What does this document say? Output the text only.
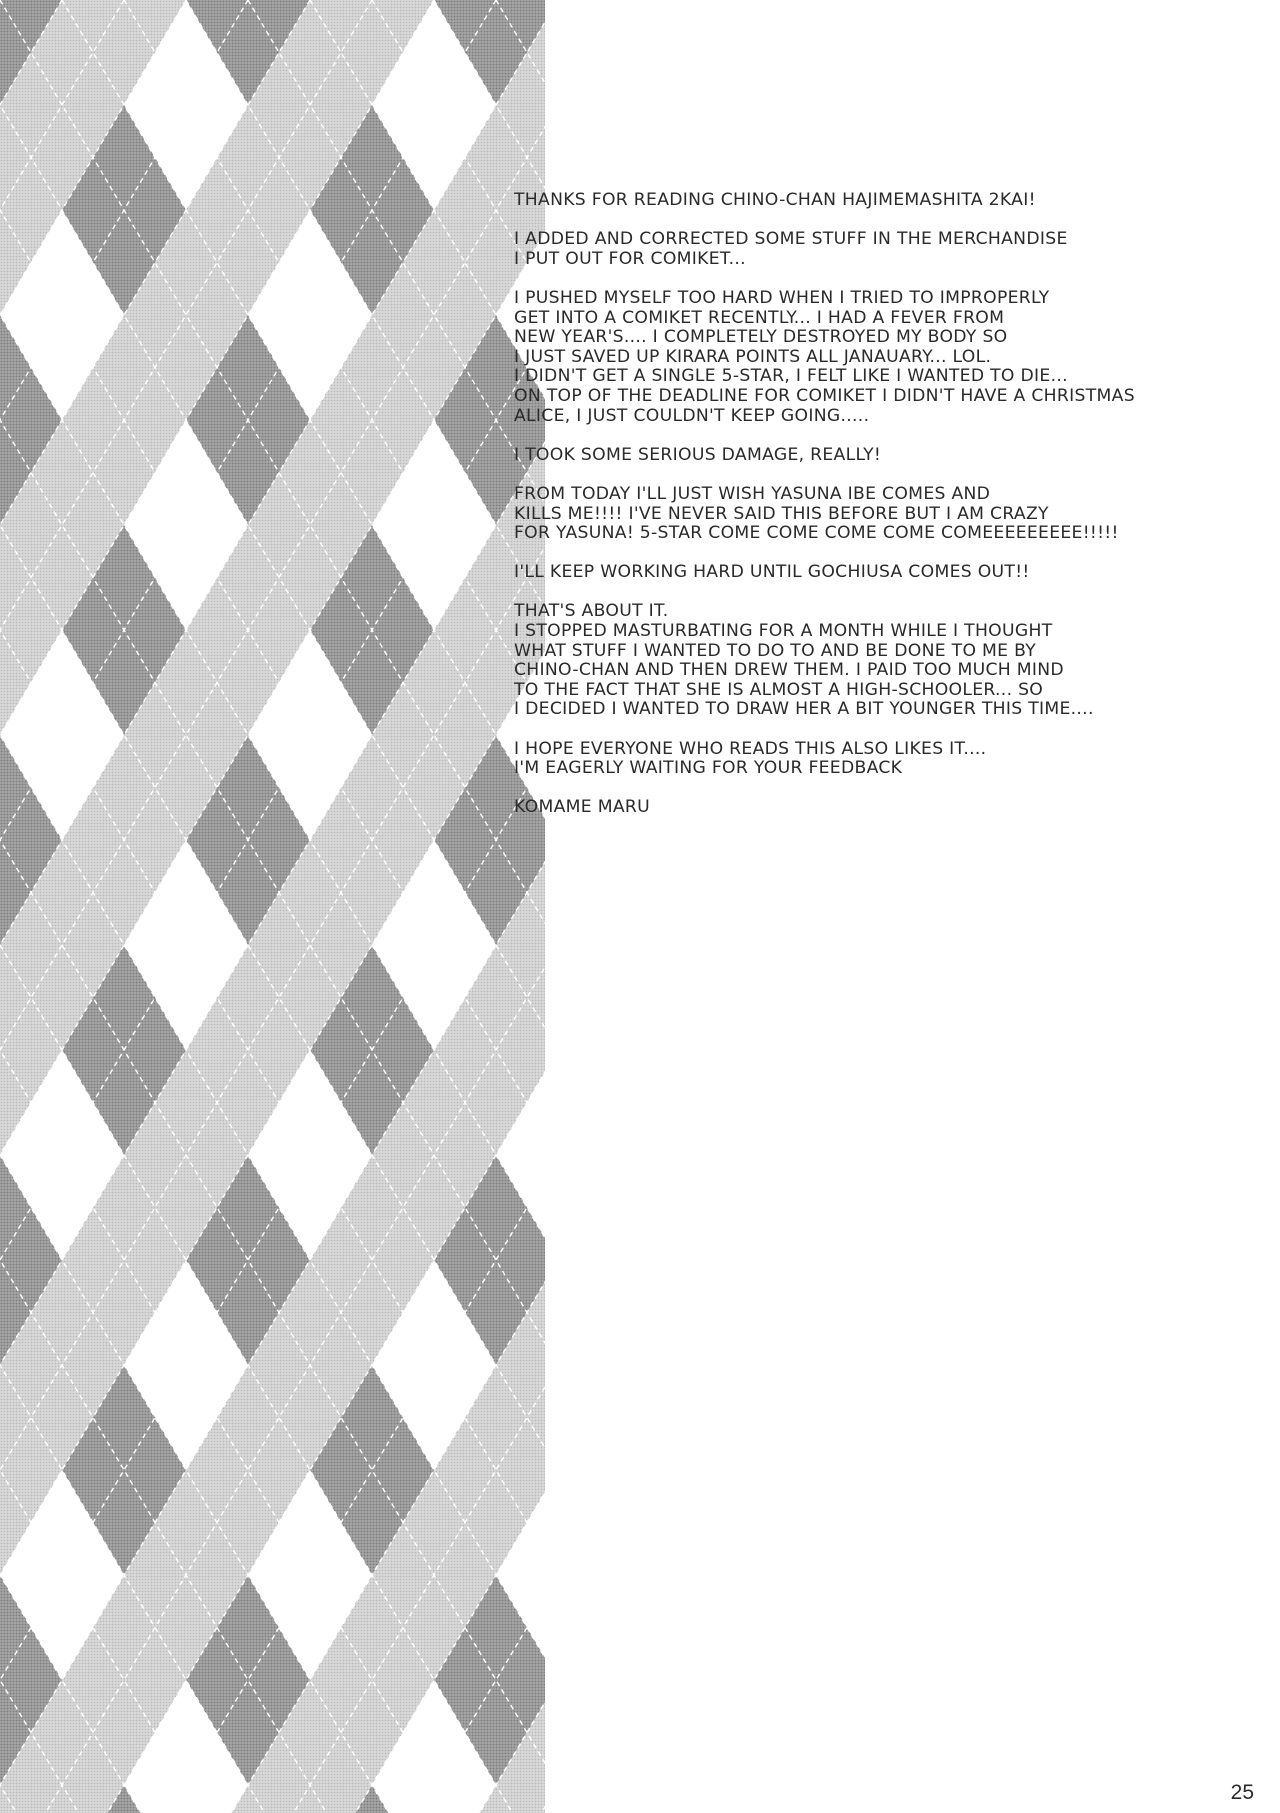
THANKS FOR READING CHINO-CHAN HAJIMEMASHITA 2KAI!
I ADDED AND CORRECTED SOME STUFF IN THE MERCHANDISE
I PUT OUT FOR COMIKET...
I PUSHED MYSELF TOO HARD WHEN I TRIED TO IMPROPERLY
GET INTO A COMIKET RECENTLY... I HAD A FEVER FROM
NEW YEAR'S.... I COMPLETELY DESTROYED MY BODY SO
I JUST SAVED UP KIRARA POINTS ALL JANAUARY... LOL.
I DIDN'T GET A SINGLE 5-STAR, I FELT LIKE I WANTED TO DIE...
ON TOP OF THE DEADLINE FOR COMIKET I DIDN'T HAVE A CHRISTMAS
ALICE, I JUST COULDN'T KEEP GOING.....
I TOOK SOME SERIOUS DAMAGE, REALLY!
FROM TODAY I'LL JUST WISH YASUNA IBE COMES AND
KILLS ME!!!! I'VE NEVER SAID THIS BEFORE BUT I AM CRAZY
FOR YASUNA! 5-STAR COME COME COME COME COMEEEEEEEEE!!!!!
I'LL KEEP WORKING HARD UNTIL GOCHIUSA COMES OUT!!
THAT'S ABOUT IT.
I STOPPED MASTURBATING FOR A MONTH WHILE I THOUGHT
WHAT STUFF I WANTED TO DO TO AND BE DONE TO ME BY
CHINO-CHAN AND THEN DREW THEM. I PAID TOO MUCH MIND
TO THE FACT THAT SHE IS ALMOST A HIGH-SCHOOLER... SO
I DECIDED I WANTED TO DRAW HER A BIT YOUNGER THIS TIME....
I HOPE EVERYONE WHO READS THIS ALSO LIKES IT....
I'M EAGERLY WAITING FOR YOUR FEEDBACK
KOMAME MARU
25
